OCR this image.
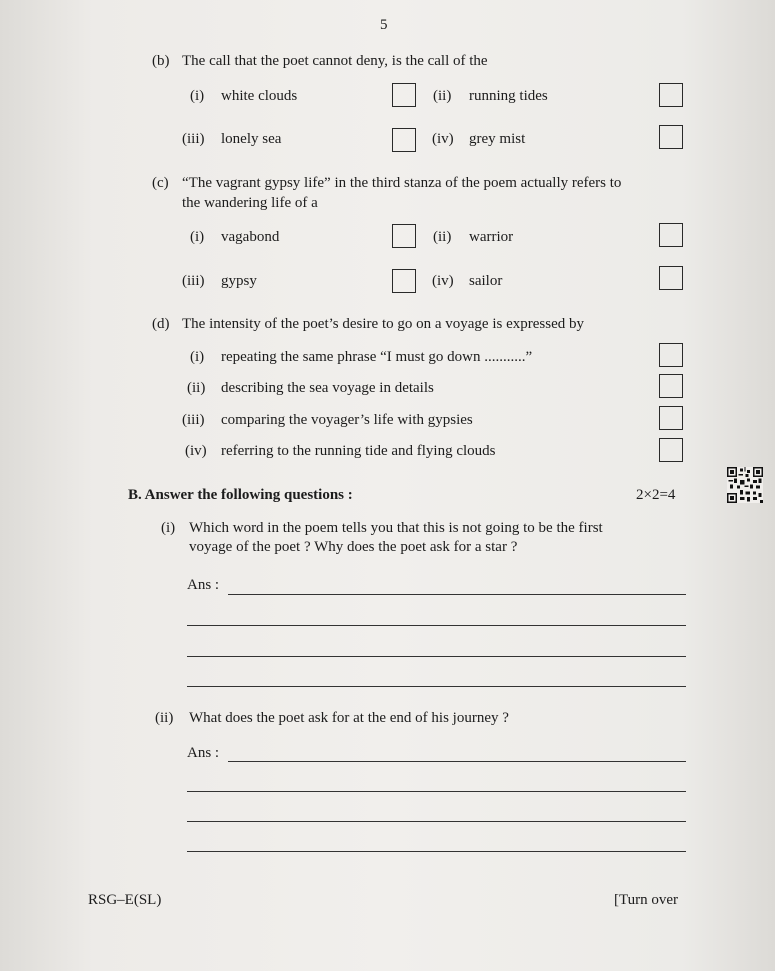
5
(b) The call that the poet cannot deny, is the call of the
(i) white clouds	(ii) running tides
(iii) lonely sea	(iv) grey mist
(c) “The vagrant gypsy life” in the third stanza of the poem actually refers to
the wandering life of a
(i) vagabond	(ii) warrior
(iii) gypsy	(iv) sailor
(d) The intensity of the poet’s desire to go on a voyage is expressed by
(i) repeating the same phrase “I must go down ...........”
(ii) describing the sea voyage in details
(iii) comparing the voyager’s life with gypsies
(iv) referring to the running tide and flying clouds
B. Answer the following questions :	2×2=4
(i) Which word in the poem tells you that this is not going to be the first
voyage of the poet ? Why does the poet ask for a star ?
Ans :
(ii) What does the poet ask for at the end of his journey ?
Ans :
RSG–E(SL)	[Turn over
